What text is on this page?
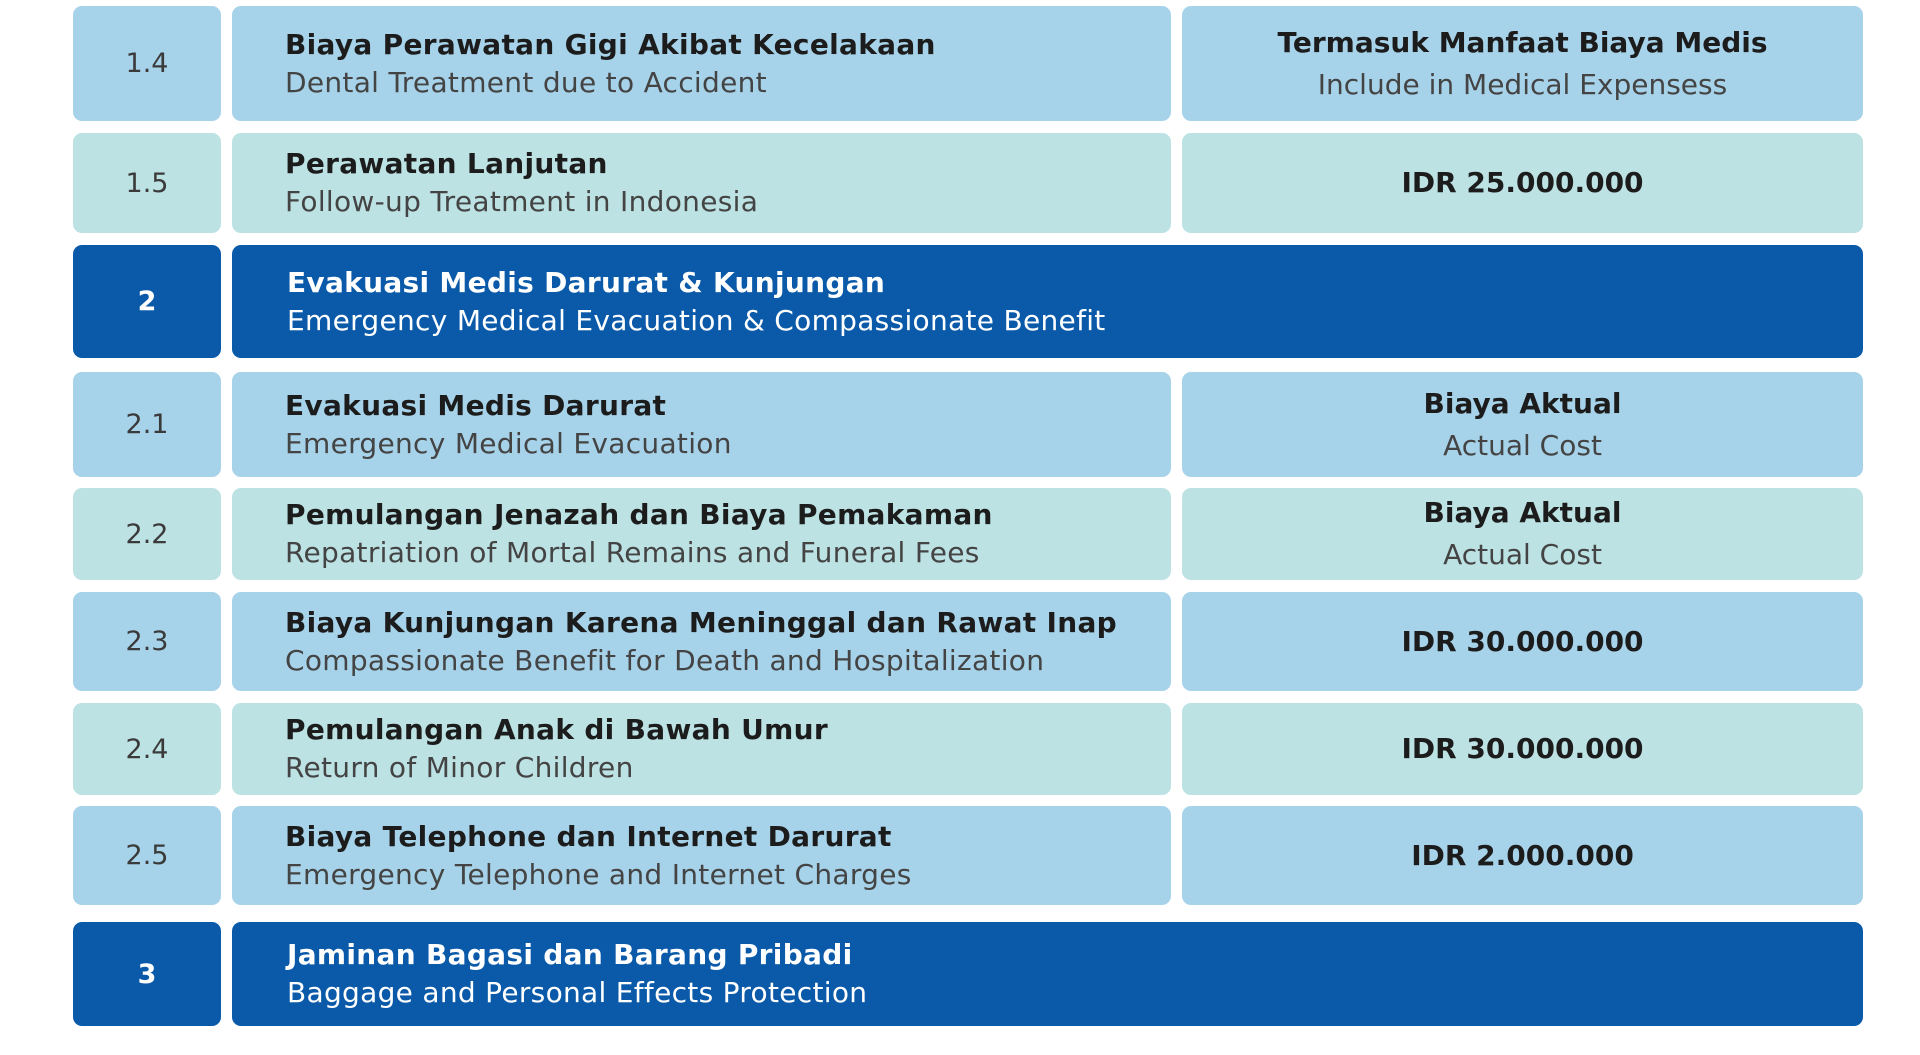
1.4
Biaya Perawatan Gigi Akibat Kecelakaan
Dental Treatment due to Accident
Termasuk Manfaat Biaya Medis
Include in Medical Expensess
1.5
Perawatan Lanjutan
Follow-up Treatment in Indonesia
IDR 25.000.000
2
Evakuasi Medis Darurat & Kunjungan
Emergency Medical Evacuation & Compassionate Benefit
2.1
Evakuasi Medis Darurat
Emergency Medical Evacuation
Biaya Aktual
Actual Cost
2.2
Pemulangan Jenazah dan Biaya Pemakaman
Repatriation of Mortal Remains and Funeral Fees
Biaya Aktual
Actual Cost
2.3
Biaya Kunjungan Karena Meninggal dan Rawat Inap
Compassionate Benefit for Death and Hospitalization
IDR 30.000.000
2.4
Pemulangan Anak di Bawah Umur
Return of Minor Children
IDR 30.000.000
2.5
Biaya Telephone dan Internet Darurat
Emergency Telephone and Internet Charges
IDR 2.000.000
3
Jaminan Bagasi dan Barang Pribadi
Baggage and Personal Effects Protection
